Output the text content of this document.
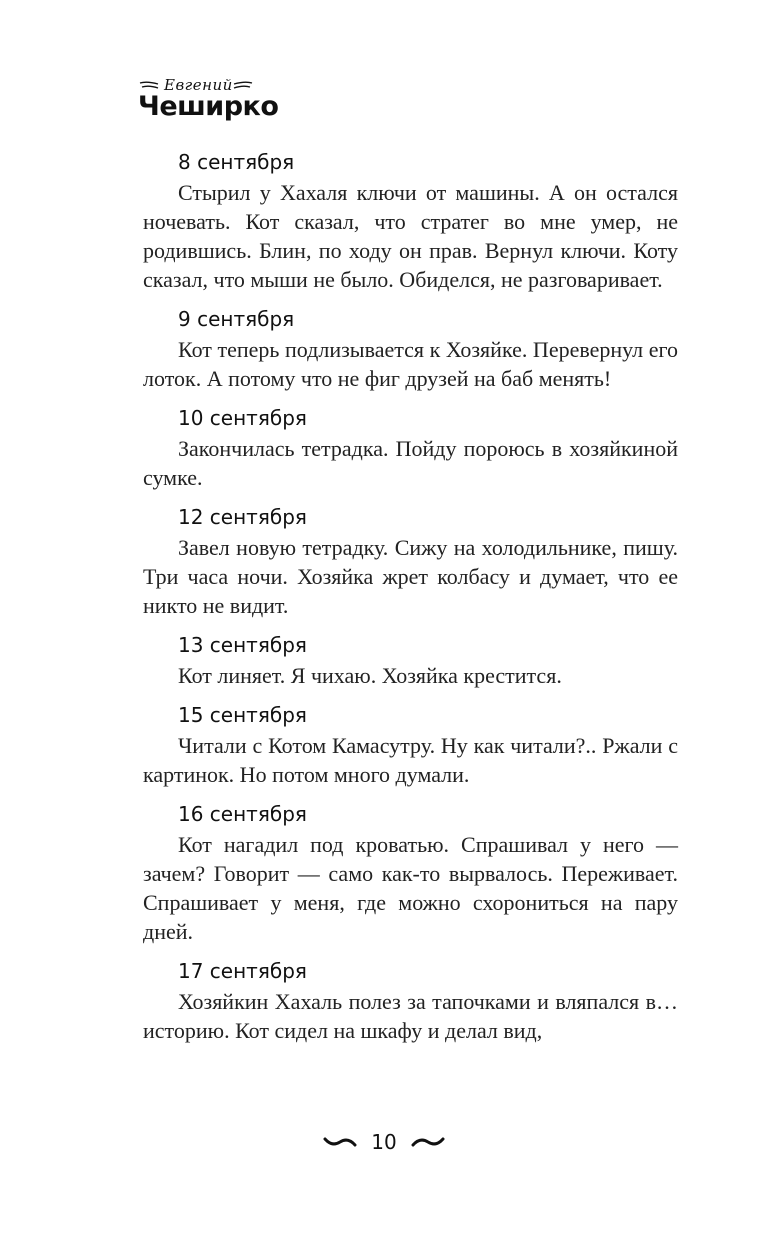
Евгений
Чеширко
8 сентября

Стырил у Хахаля ключи от машины. А он остался ночевать. Кот сказал, что стратег во мне умер, не родившись. Блин, по ходу он прав. Вернул ключи. Коту сказал, что мыши не было. Обиделся, не разговаривает.

9 сентября

Кот теперь подлизывается к Хозяйке. Перевернул его лоток. А потому что не фиг друзей на баб менять!

10 сентября

Закончилась тетрадка. Пойду пороюсь в хозяйкиной сумке.

12 сентября

Завел новую тетрадку. Сижу на холодильнике, пишу. Три часа ночи. Хозяйка жрет колбасу и думает, что ее никто не видит.

13 сентября

Кот линяет. Я чихаю. Хозяйка крестится.

15 сентября

Читали с Котом Камасутру. Ну как читали?.. Ржали с картинок. Но потом много думали.

16 сентября

Кот нагадил под кроватью. Спрашивал у него — зачем? Говорит — само как-то вырвалось. Переживает. Спрашивает у меня, где можно схорониться на пару дней.

17 сентября

Хозяйкин Хахаль полез за тапочками и вляпался в… историю. Кот сидел на шкафу и делал вид,

10
